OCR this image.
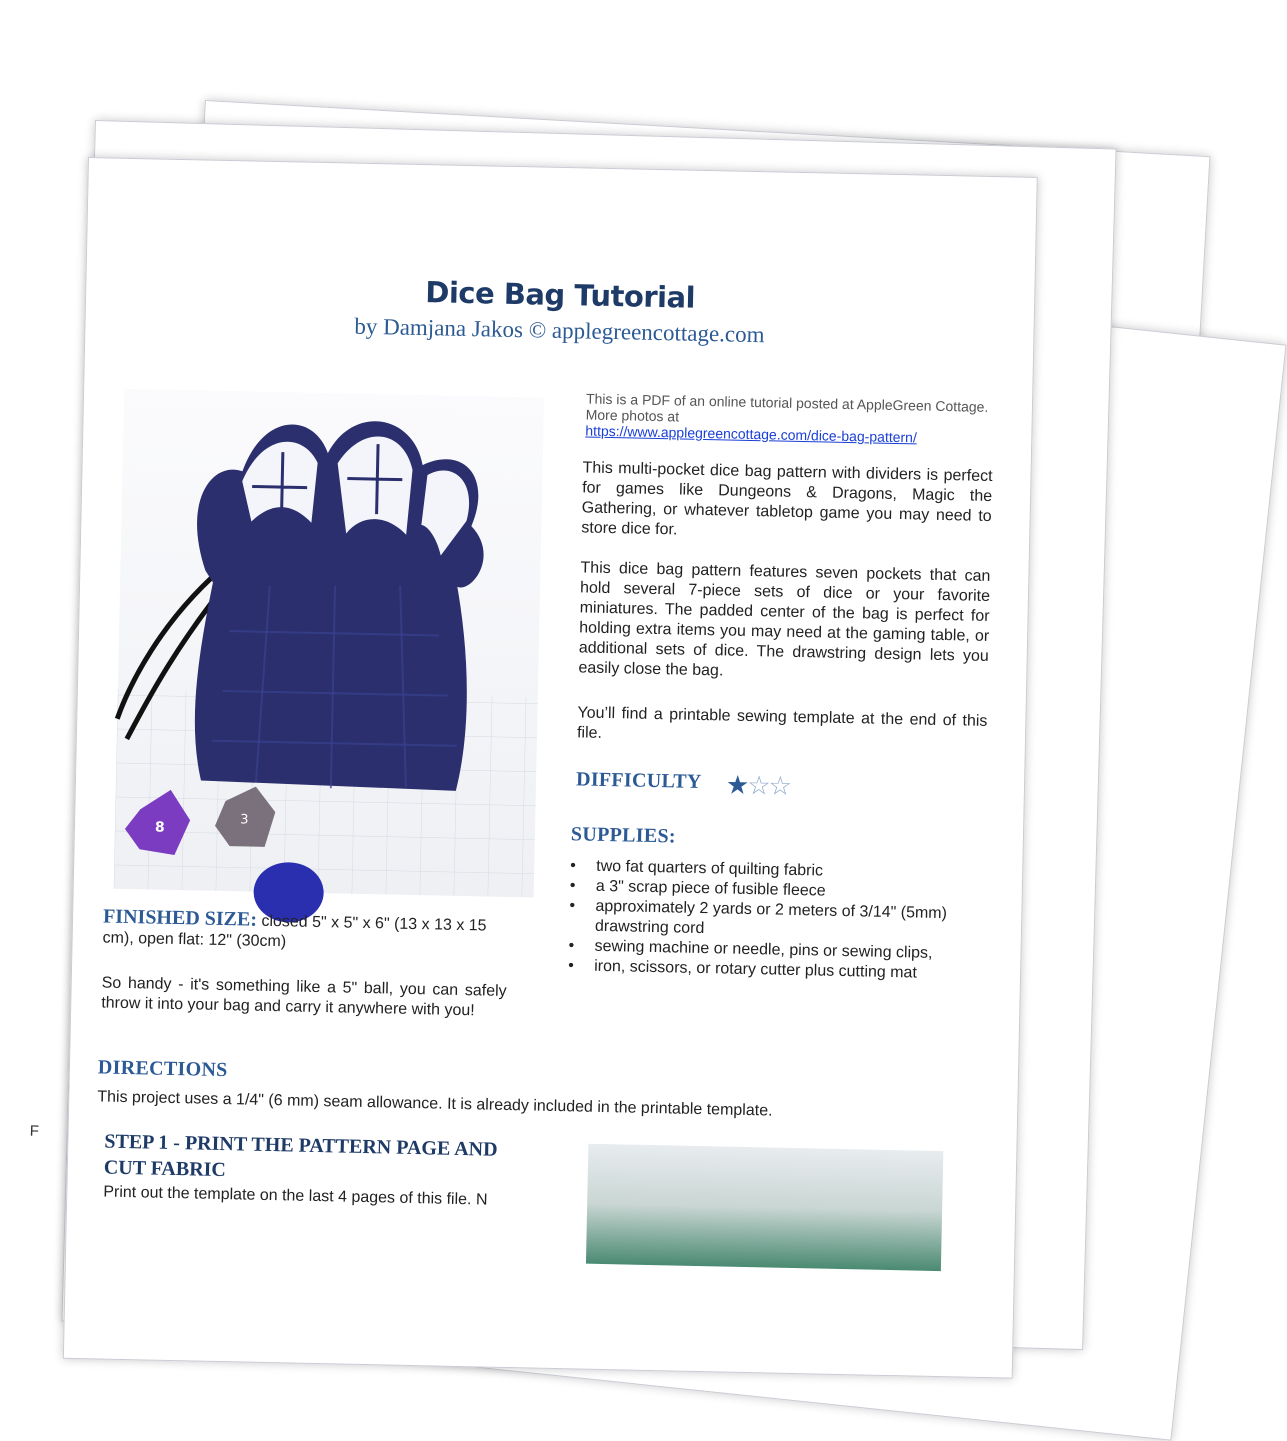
F
Dice Bag Tutorial
by Damjana Jakos © applegreencottage.com
8	3
This is a PDF of an online tutorial posted at AppleGreen Cottage. More photos at
https://www.applegreencottage.com/dice-bag-pattern/
This multi-pocket dice bag pattern with dividers is perfect for games like Dungeons & Dragons, Magic the Gathering, or whatever tabletop game you may need to store dice for.
This dice bag pattern features seven pockets that can hold several 7-piece sets of dice or your favorite miniatures. The padded center of the bag is perfect for holding extra items you may need at the gaming table, or additional sets of dice. The drawstring design lets you easily close the bag.
You’ll find a printable sewing template at the end of this file.
DIFFICULTY ★☆☆
SUPPLIES:
• two fat quarters of quilting fabric
• a 3" scrap piece of fusible fleece
• approximately 2 yards or 2 meters of 3/14" (5mm) drawstring cord
• sewing machine or needle, pins or sewing clips,
• iron, scissors, or rotary cutter plus cutting mat
FINISHED SIZE: closed 5" x 5" x 6" (13 x 13 x 15 cm), open flat: 12" (30cm)
So handy - it's something like a 5" ball, you can safely throw it into your bag and carry it anywhere with you!
DIRECTIONS
This project uses a 1/4" (6 mm) seam allowance. It is already included in the printable template.
STEP 1 - PRINT THE PATTERN PAGE AND CUT FABRIC
Print out the template on the last 4 pages of this file. N
